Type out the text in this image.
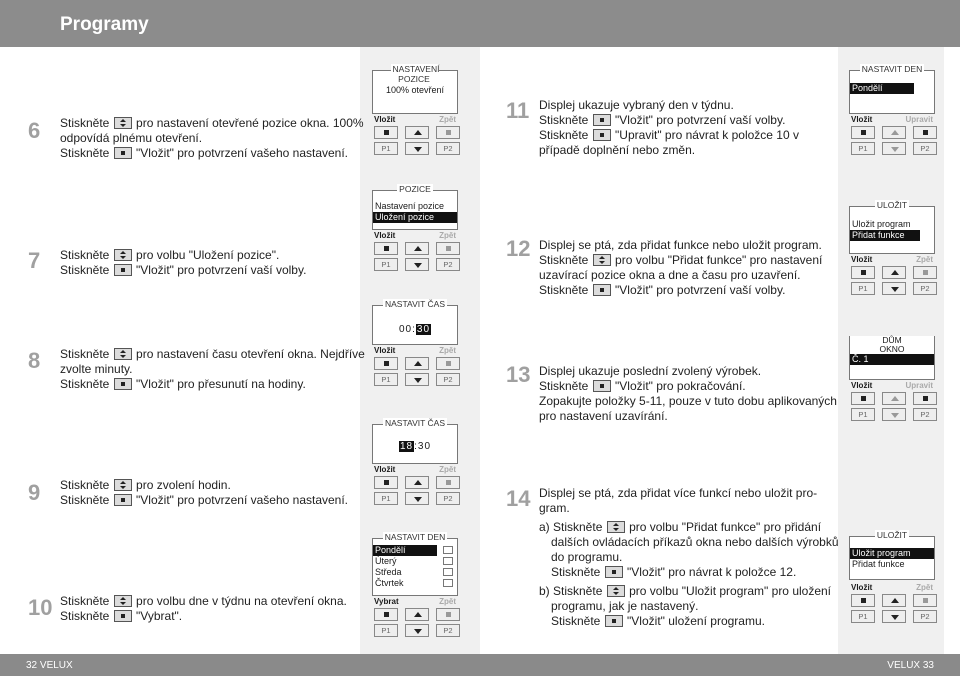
Programy
6 Stiskněte pro nastavení otevřené pozice okna. 100%
odpovídá plnému otevření.
Stiskněte "Vložit" pro potvrzení vašeho nastavení.
7 Stiskněte pro volbu "Uložení pozice".
Stiskněte "Vložit" pro potvrzení vaší volby.
8 Stiskněte pro nastavení času otevření okna. Nejdříve
zvolte minuty.
Stiskněte "Vložit" pro přesunutí na hodiny.
9 Stiskněte pro zvolení hodin.
Stiskněte "Vložit" pro potvrzení vašeho nastavení.
10 Stiskněte pro volbu dne v týdnu na otevření okna.
Stiskněte "Vybrat".
11 Displej ukazuje vybraný den v týdnu.
Stiskněte "Vložit" pro potvrzení vaší volby.
Stiskněte "Upravit" pro návrat k položce 10 v
případě doplnění nebo změn.
12 Displej se ptá, zda přidat funkce nebo uložit program.
Stiskněte pro volbu "Přidat funkce" pro nastavení
uzavírací pozice okna a dne a času pro uzavření.
Stiskněte "Vložit" pro potvrzení vaší volby.
13 Displej ukazuje poslední zvolený výrobek.
Stiskněte "Vložit" pro pokračování.
Zopakujte položky 5-11, pouze v tuto dobu aplikovaných
pro nastavení uzavírání.
14 Displej se ptá, zda přidat více funkcí nebo uložit pro-
gram.
a) Stiskněte pro volbu "Přidat funkce" pro přidání
dalších ovládacích příkazů okna nebo dalších výrobků
do programu.
Stiskněte "Vložit" pro návrat k položce 12.
b) Stiskněte pro volbu "Uložit program" pro uložení
programu, jak je nastavený.
Stiskněte "Vložit" uložení programu.
NASTAVENÍ POZICE
100% otevření
Vložit	Zpět
P1	P2
POZICE
Nastavení pozice
Uložení pozice
Vložit	Zpět
P1	P2
NASTAVIT ČAS
00:30
Vložit	Zpět
P1	P2
NASTAVIT ČAS
18:30
Vložit	Zpět
P1	P2
NASTAVIT DEN
Pondělí
Úterý
Středa
Čtvrtek
Vybrat	Zpět
P1	P2
NASTAVIT DEN
Pondělí
Vložit	Upravit
P1	P2
ULOŽIT
Uložit program
Přidat funkce
Vložit	Zpět
P1	P2
DŮM
OKNO
Č. 1
Vložit	Upravit
P1	P2
ULOŽIT
Uložit program
Přidat funkce
Vložit	Zpět
P1	P2
32 VELUX	VELUX 33
